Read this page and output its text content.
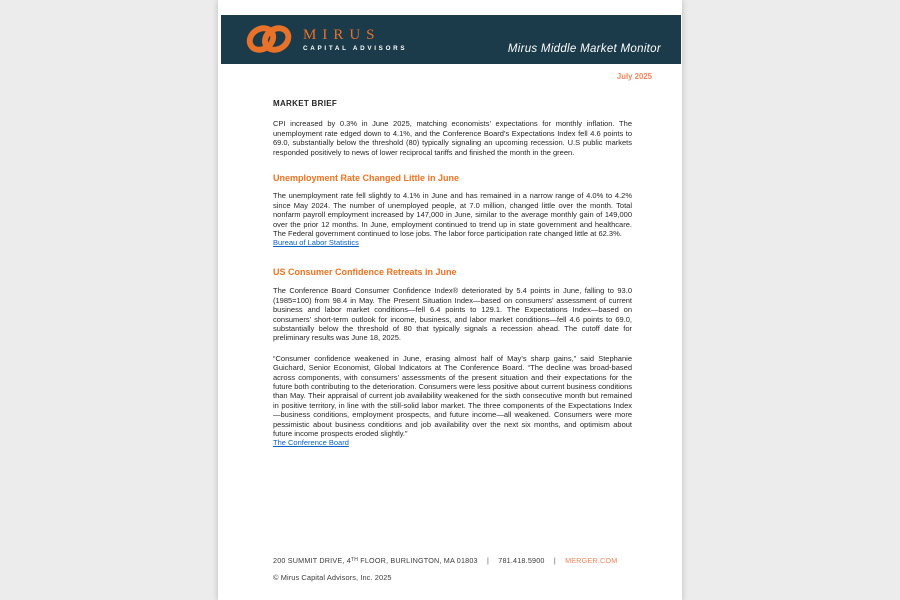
MIRUS
CAPITAL ADVISORS	Mirus Middle Market Monitor
July 2025
MARKET BRIEF

CPI increased by 0.3% in June 2025, matching economists’ expectations for monthly inflation. The unemployment rate edged down to 4.1%, and the Conference Board’s Expectations Index fell 4.6 points to 69.0, substantially below the threshold (80) typically signaling an upcoming recession. U.S public markets responded positively to news of lower reciprocal tariffs and finished the month in the green.

Unemployment Rate Changed Little in June

The unemployment rate fell slightly to 4.1% in June and has remained in a narrow range of 4.0% to 4.2% since May 2024. The number of unemployed people, at 7.0 million, changed little over the month. Total nonfarm payroll employment increased by 147,000 in June, similar to the average monthly gain of 149,000 over the prior 12 months. In June, employment continued to trend up in state government and healthcare. The Federal government continued to lose jobs. The labor force participation rate changed little at 62.3%.

Bureau of Labor Statistics
US Consumer Confidence Retreats in June

The Conference Board Consumer Confidence Index® deteriorated by 5.4 points in June, falling to 93.0 (1985=100) from 98.4 in May. The Present Situation Index—based on consumers’ assessment of current business and labor market conditions—fell 6.4 points to 129.1. The Expectations Index—based on consumers’ short-term outlook for income, business, and labor market conditions—fell 4.6 points to 69.0, substantially below the threshold of 80 that typically signals a recession ahead. The cutoff date for preliminary results was June 18, 2025.

“Consumer confidence weakened in June, erasing almost half of May’s sharp gains,” said Stephanie Guichard, Senior Economist, Global Indicators at The Conference Board. “The decline was broad-based across components, with consumers’ assessments of the present situation and their expectations for the future both contributing to the deterioration. Consumers were less positive about current business conditions than May. Their appraisal of current job availability weakened for the sixth consecutive month but remained in positive territory, in line with the still-solid labor market. The three components of the Expectations Index—business conditions, employment prospects, and future income—all weakened. Consumers were more pessimistic about business conditions and job availability over the next six months, and optimism about future income prospects eroded slightly.”

The Conference Board
200 SUMMIT DRIVE, 4TH FLOOR, BURLINGTON, MA 01803 | 781.418.5900 | MERGER.COM
© Mirus Capital Advisors, Inc. 2025
